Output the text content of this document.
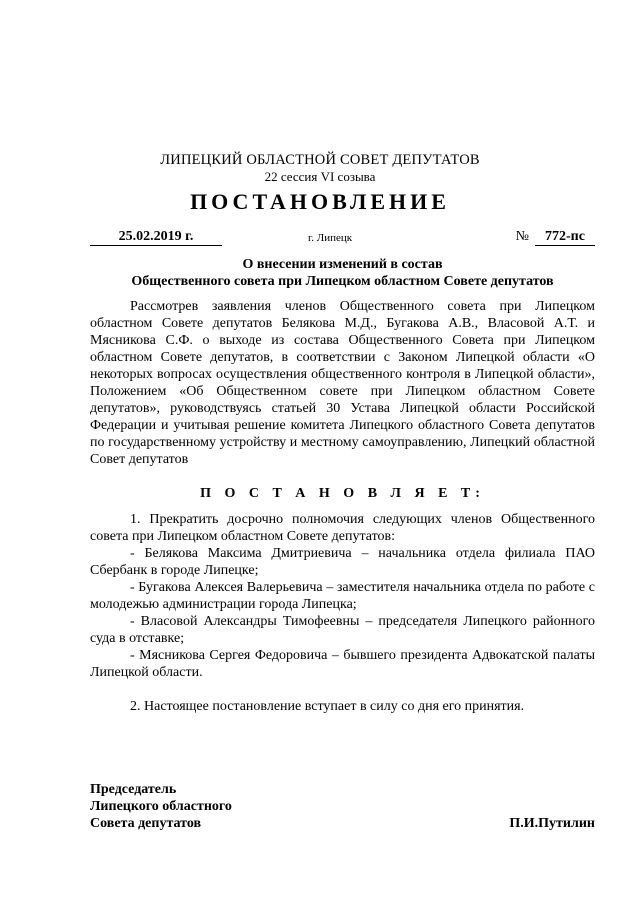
ЛИПЕЦКИЙ ОБЛАСТНОЙ СОВЕТ ДЕПУТАТОВ
22 сессия VI созыва
ПОСТАНОВЛЕНИЕ
25.02.2019 г.	г. Липецк	№ 772-пс
О внесении изменений в состав
Общественного совета при Липецком областном Совете депутатов

Рассмотрев заявления членов Общественного совета при Липецком областном Совете депутатов Белякова М.Д., Бугакова А.В., Власовой А.Т. и Мясникова С.Ф. о выходе из состава Общественного Совета при Липецком областном Совете депутатов, в соответствии с Законом Липецкой области «О некоторых вопросах осуществления общественного контроля в Липецкой области», Положением «Об Общественном совете при Липецком областном Совете депутатов», руководствуясь статьей 30 Устава Липецкой области Российской Федерации и учитывая решение комитета Липецкого областного Совета депутатов по государственному устройству и местному самоуправлению, Липецкий областной Совет депутатов

П О С Т А Н О В Л Я Е Т:

1. Прекратить досрочно полномочия следующих членов Общественного совета при Липецком областном Совете депутатов:

- Белякова Максима Дмитриевича – начальника отдела филиала ПАО Сбербанк в городе Липецке;

- Бугакова Алексея Валерьевича – заместителя начальника отдела по работе с молодежью администрации города Липецка;

- Власовой Александры Тимофеевны – председателя Липецкого районного суда в отставке;

- Мясникова Сергея Федоровича – бывшего президента Адвокатской палаты Липецкой области.

2. Настоящее постановление вступает в силу со дня его принятия.

Председатель
Липецкого областного
Совета депутатов	П.И.Путилин
